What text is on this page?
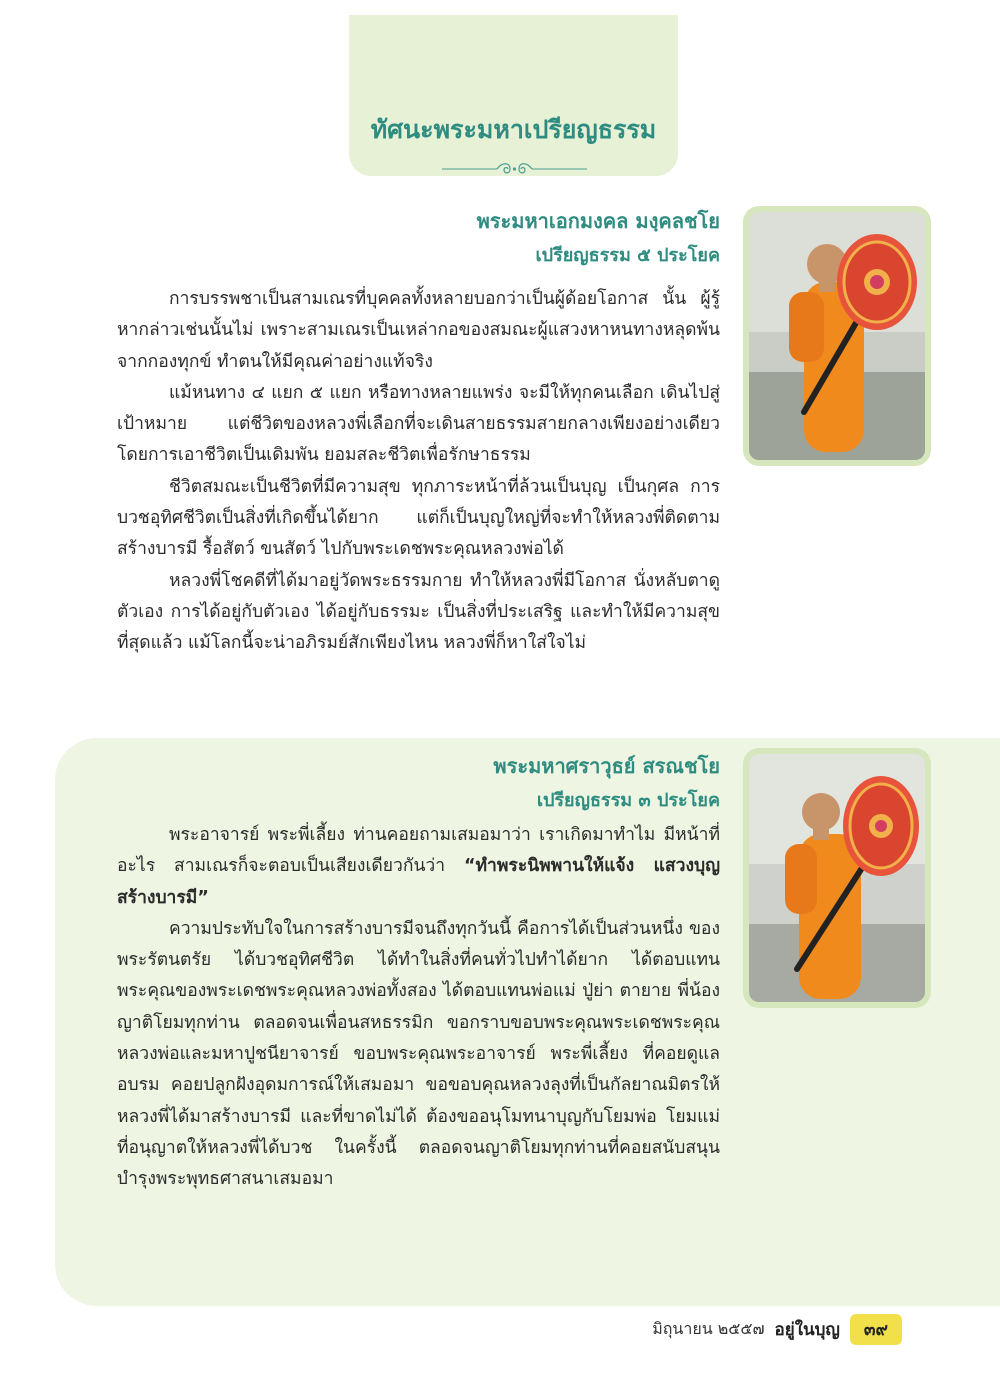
ทัศนะพระมหาเปรียญธรรม
พระมหาเอกมงคล มงฺคลชโย
เปรียญธรรม ๕ ประโยค

การบรรพชาเป็นสามเณรที่บุคคลทั้งหลายบอกว่าเป็นผู้ด้อยโอกาส นั้น ผู้รู้หากล่าวเช่นนั้นไม่ เพราะสามเณรเป็นเหล่ากอของสมณะผู้แสวงหาหนทางหลุดพ้นจากกองทุกข์ ทำตนให้มีคุณค่าอย่างแท้จริง

แม้หนทาง ๔ แยก ๕ แยก หรือทางหลายแพร่ง จะมีให้ทุกคนเลือก เดินไปสู่เป้าหมาย แต่ชีวิตของหลวงพี่เลือกที่จะเดินสายธรรมสายกลางเพียงอย่างเดียว โดยการเอาชีวิตเป็นเดิมพัน ยอมสละชีวิตเพื่อรักษาธรรม

ชีวิตสมณะเป็นชีวิตที่มีความสุข ทุกภาระหน้าที่ล้วนเป็นบุญ เป็นกุศล การบวชอุทิศชีวิตเป็นสิ่งที่เกิดขึ้นได้ยาก แต่ก็เป็นบุญใหญ่ที่จะทำให้หลวงพี่ติดตามสร้างบารมี รื้อสัตว์ ขนสัตว์ ไปกับพระเดชพระคุณหลวงพ่อได้

หลวงพี่โชคดีที่ได้มาอยู่วัดพระธรรมกาย ทำให้หลวงพี่มีโอกาส นั่งหลับตาดูตัวเอง การได้อยู่กับตัวเอง ได้อยู่กับธรรมะ เป็นสิ่งที่ประเสริฐ และทำให้มีความสุขที่สุดแล้ว แม้โลกนี้จะน่าอภิรมย์สักเพียงไหน หลวงพี่ก็หาใส่ใจไม่

พระมหาศราวุธย์ สรณชโย
เปรียญธรรม ๓ ประโยค

พระอาจารย์ พระพี่เลี้ยง ท่านคอยถามเสมอมาว่า เราเกิดมาทำไม มีหน้าที่อะไร สามเณรก็จะตอบเป็นเสียงเดียวกันว่า “ทำพระนิพพานให้แจ้ง แสวงบุญ สร้างบารมี”

ความประทับใจในการสร้างบารมีจนถึงทุกวันนี้ คือการได้เป็นส่วนหนึ่ง ของพระรัตนตรัย ได้บวชอุทิศชีวิต ได้ทำในสิ่งที่คนทั่วไปทำได้ยาก ได้ตอบแทนพระคุณของพระเดชพระคุณหลวงพ่อทั้งสอง ได้ตอบแทนพ่อแม่ ปู่ย่า ตายาย พี่น้อง ญาติโยมทุกท่าน ตลอดจนเพื่อนสหธรรมิก ขอกราบขอบพระคุณพระเดชพระคุณหลวงพ่อและมหาปูชนียาจารย์ ขอบพระคุณพระอาจารย์ พระพี่เลี้ยง ที่คอยดูแลอบรม คอยปลูกฝังอุดมการณ์ให้เสมอมา ขอขอบคุณหลวงลุงที่เป็นกัลยาณมิตรให้หลวงพี่ได้มาสร้างบารมี และที่ขาดไม่ได้ ต้องขออนุโมทนาบุญกับโยมพ่อ โยมแม่ ที่อนุญาตให้หลวงพี่ได้บวช ในครั้งนี้ ตลอดจนญาติโยมทุกท่านที่คอยสนับสนุนบำรุงพระพุทธศาสนาเสมอมา

มิถุนายน ๒๕๕๗ อยู่ในบุญ	๓๙
